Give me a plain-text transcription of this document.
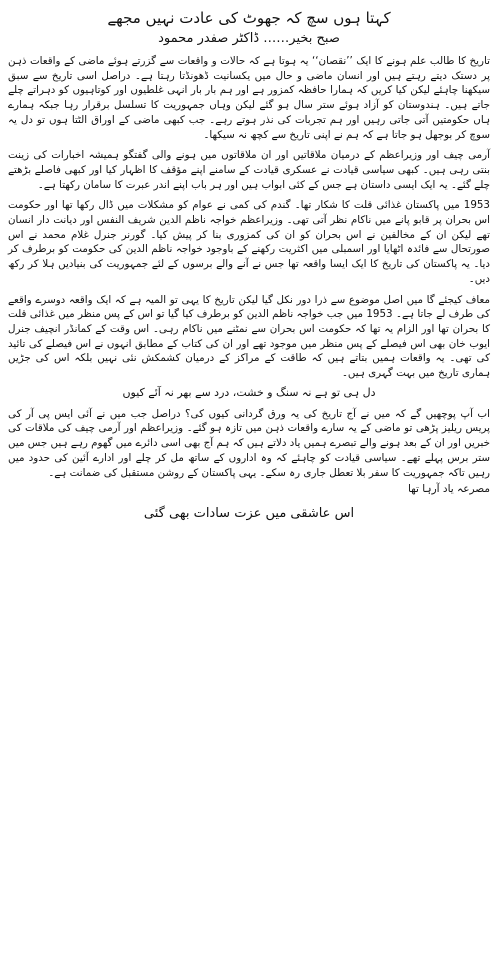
کہتا ہوں سچ کہ جھوٹ کی عادت نہیں مجھے
صبح بخیر…… ڈاکٹر صفدر محمود

تاریخ کا طالب علم ہونے کا ایک ’’نقصان‘‘ یہ ہوتا ہے کہ حالات و واقعات سے گزرتے ہوئے ماضی کے واقعات ذہن پر دستک دیتے رہتے ہیں اور انسان ماضی و حال میں یکسانیت ڈھونڈتا رہتا ہے۔ دراصل اسی تاریخ سے سبق سیکھنا چاہئے لیکن کیا کریں کہ ہمارا حافظہ کمزور ہے اور ہم بار بار انہی غلطیوں اور کوتاہیوں کو دہراتے چلے جاتے ہیں۔ ہندوستان کو آزاد ہوئے ستر سال ہو گئے لیکن وہاں جمہوریت کا تسلسل برقرار رہا جبکہ ہمارے ہاں حکومتیں آتی جاتی رہیں اور ہم تجربات کی نذر ہوتے رہے۔ جب کبھی ماضی کے اوراق الٹتا ہوں تو دل یہ سوچ کر بوجھل ہو جاتا ہے کہ ہم نے اپنی تاریخ سے کچھ نہ سیکھا۔

آرمی چیف اور وزیراعظم کے درمیان ملاقاتیں اور ان ملاقاتوں میں ہونے والی گفتگو ہمیشہ اخبارات کی زینت بنتی رہی ہیں۔ کبھی سیاسی قیادت نے عسکری قیادت کے سامنے اپنے مؤقف کا اظہار کیا اور کبھی فاصلے بڑھتے چلے گئے۔ یہ ایک ایسی داستان ہے جس کے کئی ابواب ہیں اور ہر باب اپنے اندر عبرت کا سامان رکھتا ہے۔

1953 میں پاکستان غذائی قلت کا شکار تھا۔ گندم کی کمی نے عوام کو مشکلات میں ڈال رکھا تھا اور حکومت اس بحران پر قابو پانے میں ناکام نظر آتی تھی۔ وزیراعظم خواجہ ناظم الدین شریف النفس اور دیانت دار انسان تھے لیکن ان کے مخالفین نے اس بحران کو ان کی کمزوری بنا کر پیش کیا۔ گورنر جنرل غلام محمد نے اس صورتحال سے فائدہ اٹھایا اور اسمبلی میں اکثریت رکھنے کے باوجود خواجہ ناظم الدین کی حکومت کو برطرف کر دیا۔ یہ پاکستان کی تاریخ کا ایک ایسا واقعہ تھا جس نے آنے والے برسوں کے لئے جمہوریت کی بنیادیں ہلا کر رکھ دیں۔

معاف کیجئے گا میں اصل موضوع سے ذرا دور نکل گیا لیکن تاریخ کا یہی تو المیہ ہے کہ ایک واقعہ دوسرے واقعے کی طرف لے جاتا ہے۔ 1953 میں جب خواجہ ناظم الدین کو برطرف کیا گیا تو اس کے پس منظر میں غذائی قلت کا بحران تھا اور الزام یہ تھا کہ حکومت اس بحران سے نمٹنے میں ناکام رہی۔ اس وقت کے کمانڈر انچیف جنرل ایوب خان بھی اس فیصلے کے پس منظر میں موجود تھے اور ان کی کتاب کے مطابق انہوں نے اس فیصلے کی تائید کی تھی۔ یہ واقعات ہمیں بتاتے ہیں کہ طاقت کے مراکز کے درمیان کشمکش نئی نہیں بلکہ اس کی جڑیں ہماری تاریخ میں بہت گہری ہیں۔

دل ہی تو ہے نہ سنگ و خشت، درد سے بھر نہ آئے کیوں

اب آپ پوچھیں گے کہ میں نے آج تاریخ کی یہ ورق گردانی کیوں کی؟ دراصل جب میں نے آئی ایس پی آر کی پریس ریلیز پڑھی تو ماضی کے یہ سارے واقعات ذہن میں تازہ ہو گئے۔ وزیراعظم اور آرمی چیف کی ملاقات کی خبریں اور ان کے بعد ہونے والے تبصرے ہمیں یاد دلاتے ہیں کہ ہم آج بھی اسی دائرے میں گھوم رہے ہیں جس میں ستر برس پہلے تھے۔ سیاسی قیادت کو چاہئے کہ وہ اداروں کے ساتھ مل کر چلے اور ادارے آئین کی حدود میں رہیں تاکہ جمہوریت کا سفر بلا تعطل جاری رہ سکے۔ یہی پاکستان کے روشن مستقبل کی ضمانت ہے۔

مصرعہ یاد آرہا تھا
اس عاشقی میں عزت سادات بھی گئی
